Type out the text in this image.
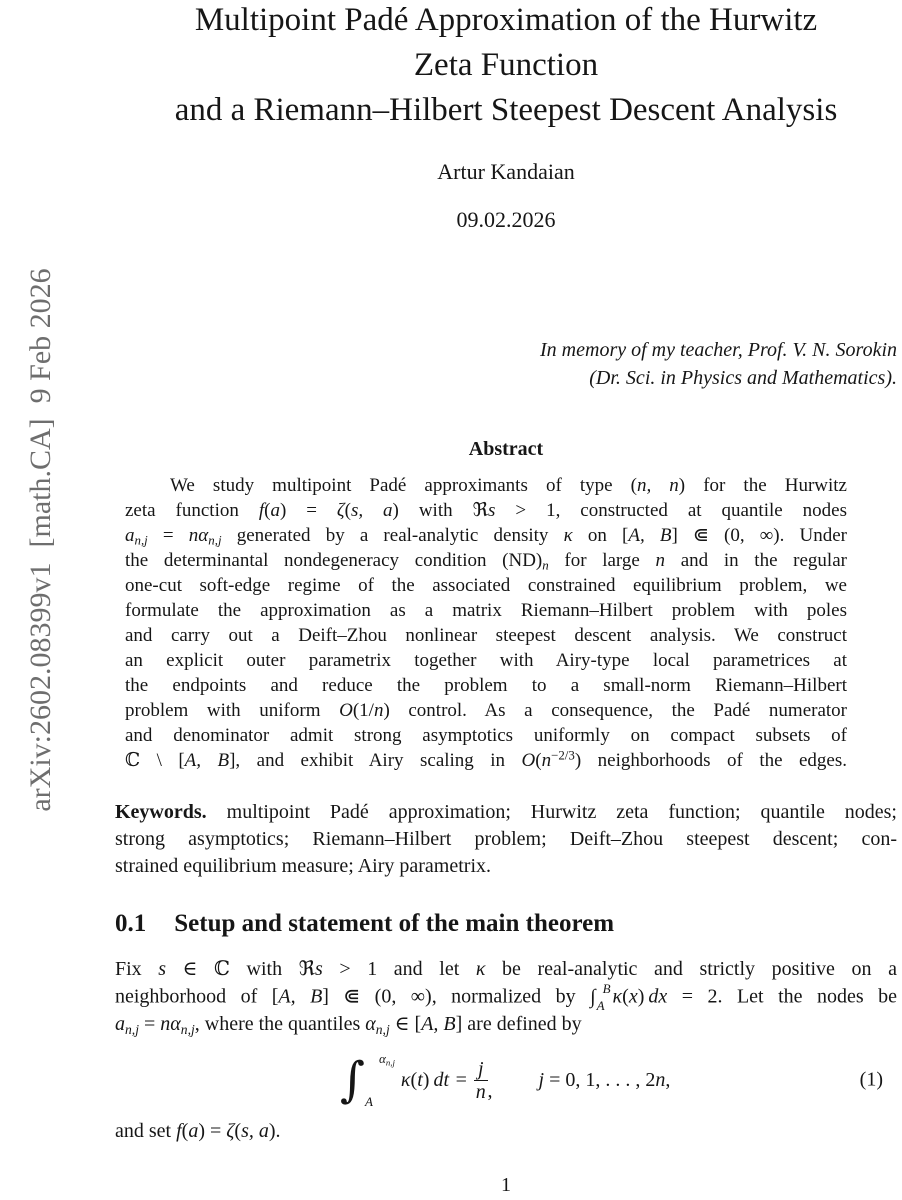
arXiv:2602.08399v1  [math.CA]  9 Feb 2026
Multipoint Padé Approximation of the Hurwitz
Zeta Function
and a Riemann–Hilbert Steepest Descent Analysis
Artur Kandaian
09.02.2026
In memory of my teacher, Prof. V. N. Sorokin
(Dr. Sci. in Physics and Mathematics).
Abstract
We study multipoint Padé approximants of type (n, n) for the Hurwitz
zeta function f(a) = ζ(s, a) with ℜs > 1, constructed at quantile nodes
$a_{n,j} = n\alpha_{n,j}$ generated by a real-analytic density κ on [A, B] ⋐ (0, ∞). Under
the determinantal nondegeneracy condition $(ND)_n$ for large n and in the regular
one-cut soft-edge regime of the associated constrained equilibrium problem, we
formulate the approximation as a matrix Riemann–Hilbert problem with poles
and carry out a Deift–Zhou nonlinear steepest descent analysis. We construct
an explicit outer parametrix together with Airy-type local parametrices at
the endpoints and reduce the problem to a small-norm Riemann–Hilbert
problem with uniform O(1/n) control. As a consequence, the Padé numerator
and denominator admit strong asymptotics uniformly on compact subsets of
ℂ \ [A, B], and exhibit Airy scaling in $O(n^{-2/3})$ neighborhoods of the edges.
Keywords. multipoint Padé approximation; Hurwitz zeta function; quantile nodes;
strong asymptotics; Riemann–Hilbert problem; Deift–Zhou steepest descent; con-
strained equilibrium measure; Airy parametrix.
0.1 Setup and statement of the main theorem
Fix s ∈ ℂ with ℜs > 1 and let κ be real-analytic and strictly positive on a
neighborhood of [A, B] ⋐ (0, ∞), normalized by ∫ B
A κ(x) dx = 2. Let the nodes be
$a_{n,j} = n\alpha_{n,j}$, where the quantiles $\alpha_{n,j}$ ∈ [A, B] are defined by
∫ $\alpha_{n,j}$
A
κ(t) dt = $\frac{j}{n}$ , j = 0, 1, . . . , 2n,	(1)
and set f(a) = ζ(s, a).
1
